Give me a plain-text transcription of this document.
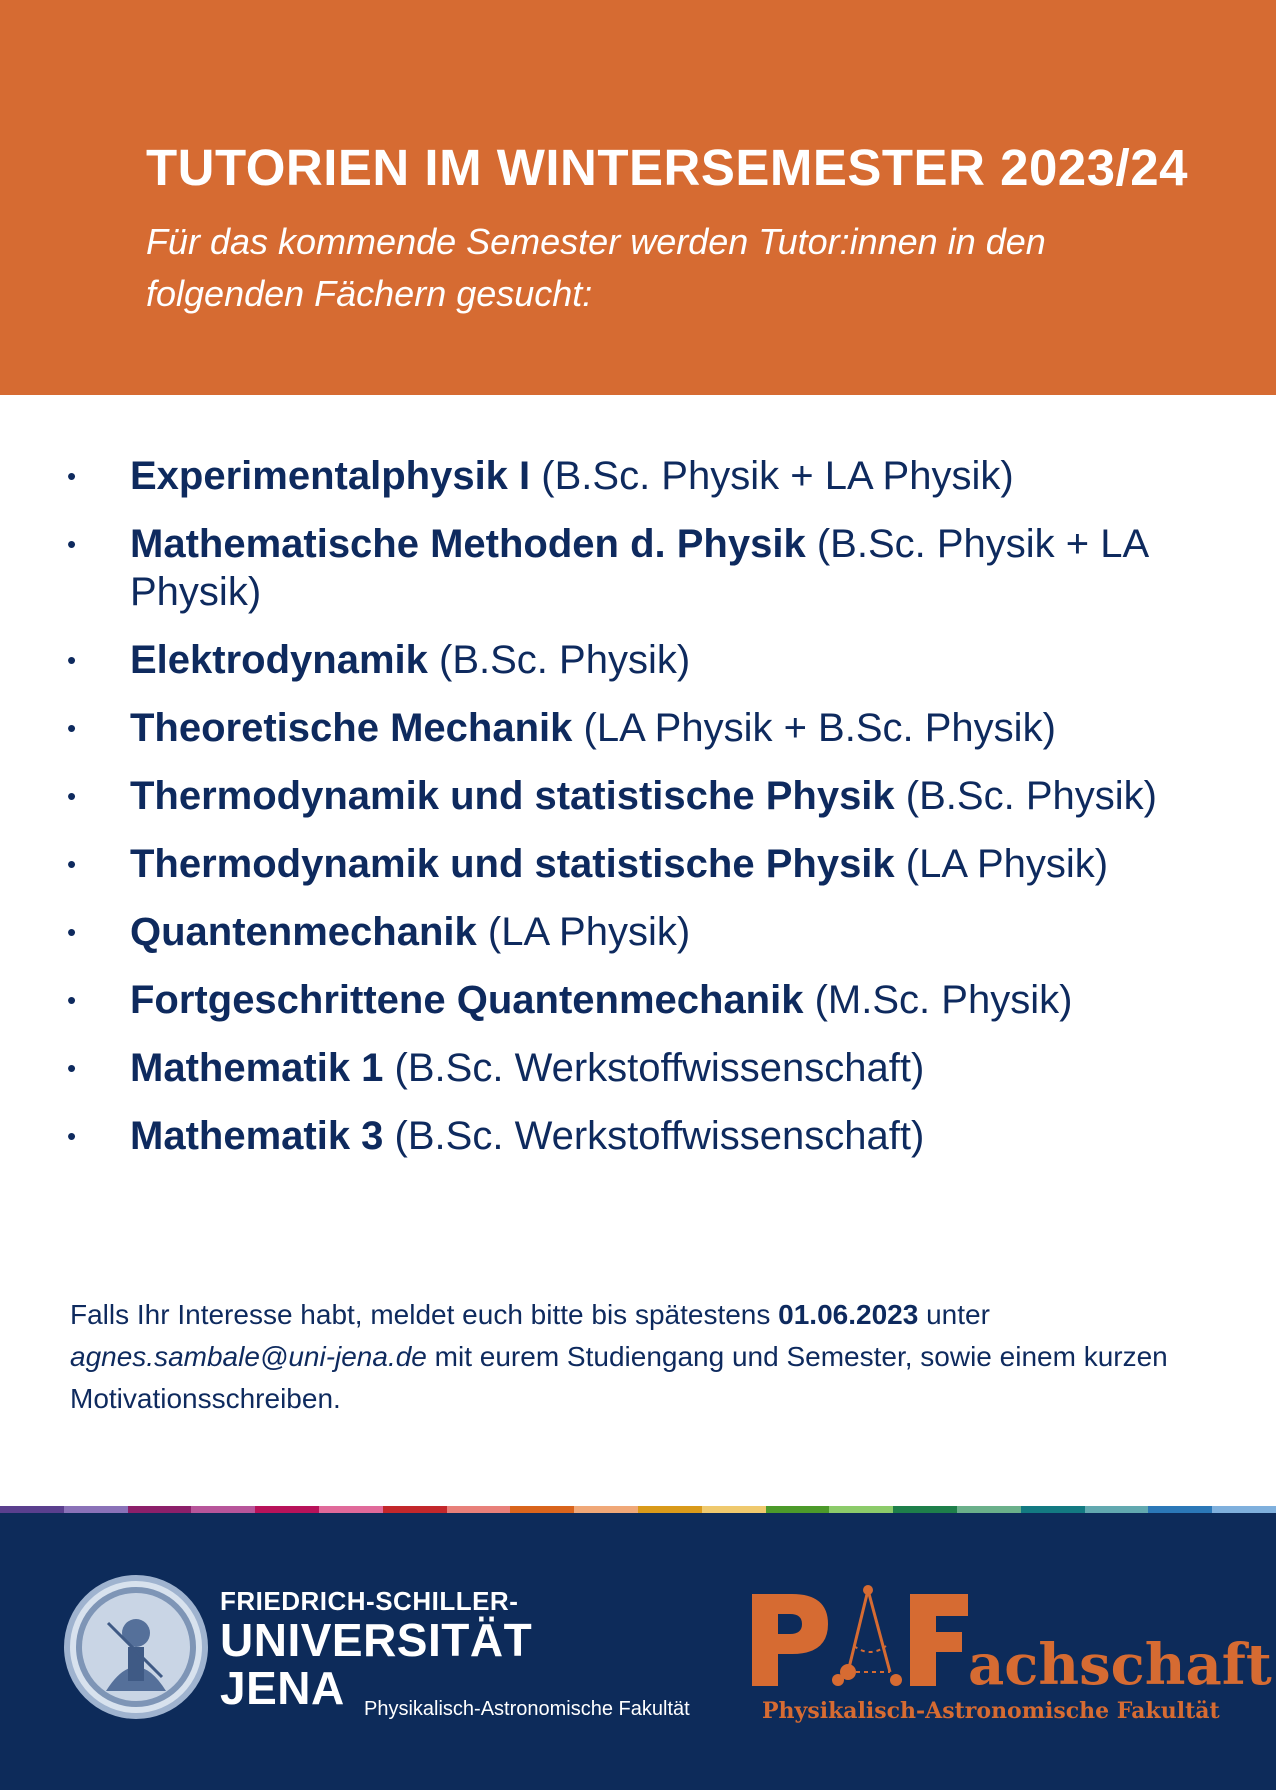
TUTORIEN IM WINTERSEMESTER 2023/24
Für das kommende Semester werden Tutor:innen in den folgenden Fächern gesucht:
• Experimentalphysik I (B.Sc. Physik + LA Physik)
• Mathematische Methoden d. Physik (B.Sc. Physik + LA Physik)
• Elektrodynamik (B.Sc. Physik)
• Theoretische Mechanik (LA Physik + B.Sc. Physik)
• Thermodynamik und statistische Physik (B.Sc. Physik)
• Thermodynamik und statistische Physik (LA Physik)
• Quantenmechanik (LA Physik)
• Fortgeschrittene Quantenmechanik (M.Sc. Physik)
• Mathematik 1 (B.Sc. Werkstoffwissenschaft)
• Mathematik 3 (B.Sc. Werkstoffwissenschaft)
Falls Ihr Interesse habt, meldet euch bitte bis spätestens 01.06.2023 unter
agnes.sambale@uni-jena.de mit eurem Studiengang und Semester, sowie einem kurzen Motivationsschreiben.
FRIEDRICH-SCHILLER-
UNIVERSITÄT
JENA Physikalisch-Astronomische Fakultät
achschaft
Physikalisch-Astronomische Fakultät
